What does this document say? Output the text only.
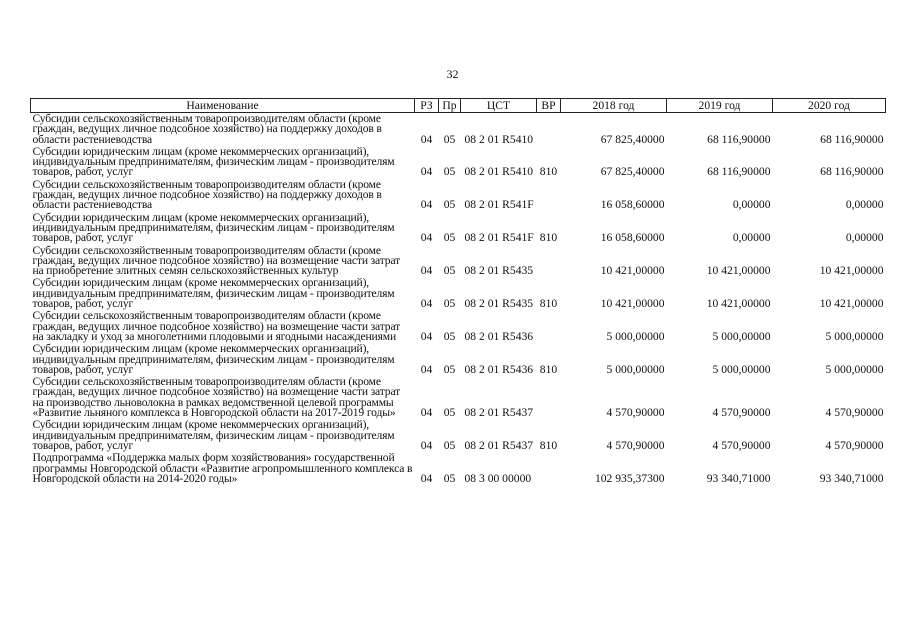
32
Наименование	РЗ	Пр	ЦСТ	ВР	2018 год	2019 год	2020 год
Субсидии сельскохозяйственным товаропроизводителям области (кроме граждан, ведущих личное подсобное хозяйство) на поддержку доходов в области растениеводства	04	05	08 2 01 R5410		67 825,40000	68 116,90000	68 116,90000
Субсидии юридическим лицам (кроме некоммерческих организаций), индивидуальным предпринимателям, физическим лицам - производителям товаров, работ, услуг	04	05	08 2 01 R5410	810	67 825,40000	68 116,90000	68 116,90000
Субсидии сельскохозяйственным товаропроизводителям области (кроме граждан, ведущих личное подсобное хозяйство) на поддержку доходов в области растениеводства	04	05	08 2 01 R541F		16 058,60000	0,00000	0,00000
Субсидии юридическим лицам (кроме некоммерческих организаций), индивидуальным предпринимателям, физическим лицам - производителям товаров, работ, услуг	04	05	08 2 01 R541F	810	16 058,60000	0,00000	0,00000
Субсидии сельскохозяйственным товаропроизводителям области (кроме граждан, ведущих личное подсобное хозяйство) на возмещение части затрат на приобретение элитных семян сельскохозяйственных культур	04	05	08 2 01 R5435		10 421,00000	10 421,00000	10 421,00000
Субсидии юридическим лицам (кроме некоммерческих организаций), индивидуальным предпринимателям, физическим лицам - производителям товаров, работ, услуг	04	05	08 2 01 R5435	810	10 421,00000	10 421,00000	10 421,00000
Субсидии сельскохозяйственным товаропроизводителям области (кроме граждан, ведущих личное подсобное хозяйство) на возмещение части затрат на закладку и уход за многолетними плодовыми и ягодными насаждениями	04	05	08 2 01 R5436		5 000,00000	5 000,00000	5 000,00000
Субсидии юридическим лицам (кроме некоммерческих организаций), индивидуальным предпринимателям, физическим лицам - производителям товаров, работ, услуг	04	05	08 2 01 R5436	810	5 000,00000	5 000,00000	5 000,00000
Субсидии сельскохозяйственным товаропроизводителям области (кроме граждан, ведущих личное подсобное хозяйство) на возмещение части затрат на производство льноволокна в рамках ведомственной целевой программы «Развитие льняного комплекса в Новгородской области на 2017-2019 годы»	04	05	08 2 01 R5437		4 570,90000	4 570,90000	4 570,90000
Субсидии юридическим лицам (кроме некоммерческих организаций), индивидуальным предпринимателям, физическим лицам - производителям товаров, работ, услуг	04	05	08 2 01 R5437	810	4 570,90000	4 570,90000	4 570,90000
Подпрограмма «Поддержка малых форм хозяйствования» государственной программы Новгородской области «Развитие агропромышленного комплекса в Новгородской области на 2014-2020 годы»	04	05	08 3 00 00000		102 935,37300	93 340,71000	93 340,71000
